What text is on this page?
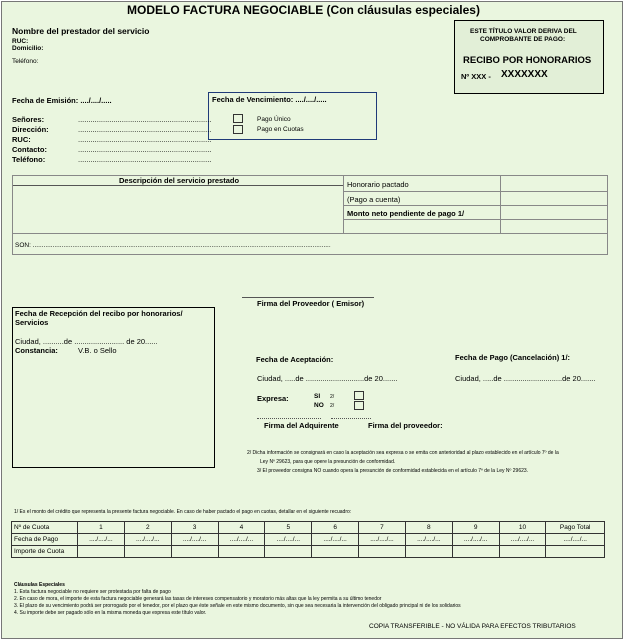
MODELO FACTURA NEGOCIABLE (Con cláusulas especiales)
Nombre del prestador del servicio
RUC:
Domicilio:
Teléfono:
ESTE TÍTULO VALOR DERIVA DEL
COMPROBANTE DE PAGO:
RECIBO POR HONORARIOS
Nº XXX - XXXXXXX
Fecha de Emisión: ..../..../.....	Fecha de Vencimiento: ..../..../.....
Pago Único
Pago en Cuotas
Señores:	................................................................
Dirección:	................................................................
RUC:	................................................................
Contacto:	................................................................
Teléfono:	................................................................
Descripción del servicio prestado	Honorario pactado
(Pago a cuenta)
Monto neto pendiente de pago 1/
SON: .....................................................................................................................................................................
Fecha de Recepción del recibo por honorarios/
Servicios
Ciudad, ..........de ........................ de 20......
Constancia:	V.B. o Sello
Firma del Proveedor ( Emisor)
Fecha de Aceptación:	Fecha de Pago (Cancelación) 1/:
Ciudad, .....de ............................de 20.......	Ciudad, .....de ............................de 20.......
Expresa:	SI 2/
NO 2/
Firma del Adquirente	Firma del proveedor:
2/ Dicha información se consignará en caso la aceptación sea expresa o se emita con anterioridad al plazo establecido en el artículo 7º de la
Ley Nº 29623, para que opere la presunción de conformidad.
3/ El proveedor consigna NO cuando opera la presunción de conformidad establecida en el artículo 7º de la Ley Nº 29623.
1/ Es el monto del crédito que representa la presente factura negociable. En caso de haber pactado el pago en cuotas, detallar en el siguiente recuadro:
Nº de Cuota	1	2	3	4	5	6	7	8	9	10	Pago Total
Fecha de Pago	..../..../...	..../..../...	..../..../...	..../..../...	..../..../...	..../..../...	..../..../...	..../..../...	..../..../...	..../..../...	..../..../...
Importe de Cuota											
Cláusulas Especiales
1. Esta factura negociable no requiere ser protestada por falta de pago
2. En caso de mora, el importe de esta factura negociable generará las tasas de intereses compensatorio y moratorio más altas que la ley permita a su último tenedor
3. El plazo de su vencimiento podrá ser prorrogado por el tenedor, por el plazo que éste señale en este mismo documento, sin que sea necesaria la intervención del obligado principal ni de los solidarios
4. Su importe debe ser pagado sólo en la misma moneda que expresa este título valor.
COPIA TRANSFERIBLE - NO VÁLIDA PARA EFECTOS TRIBUTARIOS
